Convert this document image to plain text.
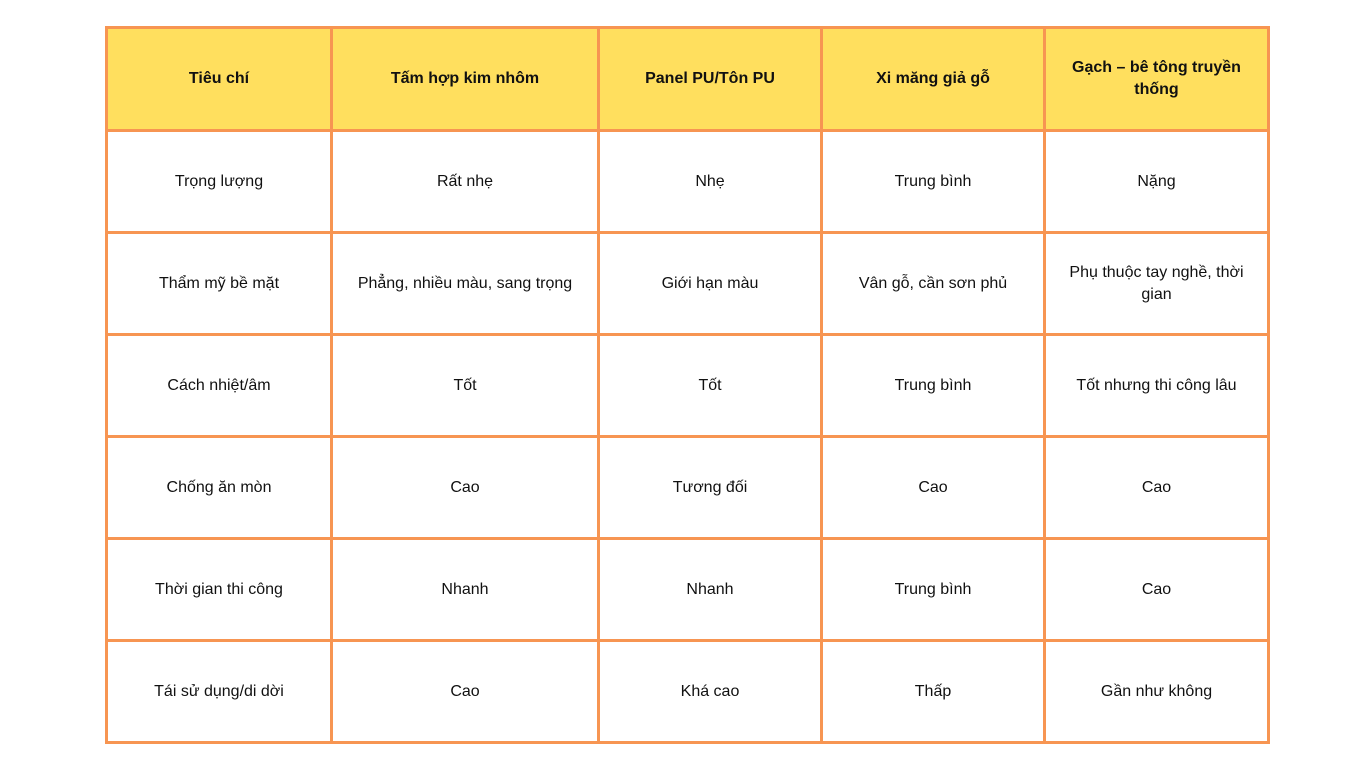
Tiêu chí	Tấm hợp kim nhôm	Panel PU/Tôn PU	Xi măng giả gỗ	Gạch – bê tông truyền thống
Trọng lượng	Rất nhẹ	Nhẹ	Trung bình	Nặng
Thẩm mỹ bề mặt	Phẳng, nhiều màu, sang trọng	Giới hạn màu	Vân gỗ, cần sơn phủ	Phụ thuộc tay nghề, thời gian
Cách nhiệt/âm	Tốt	Tốt	Trung bình	Tốt nhưng thi công lâu
Chống ăn mòn	Cao	Tương đối	Cao	Cao
Thời gian thi công	Nhanh	Nhanh	Trung bình	Cao
Tái sử dụng/di dời	Cao	Khá cao	Thấp	Gần như không
